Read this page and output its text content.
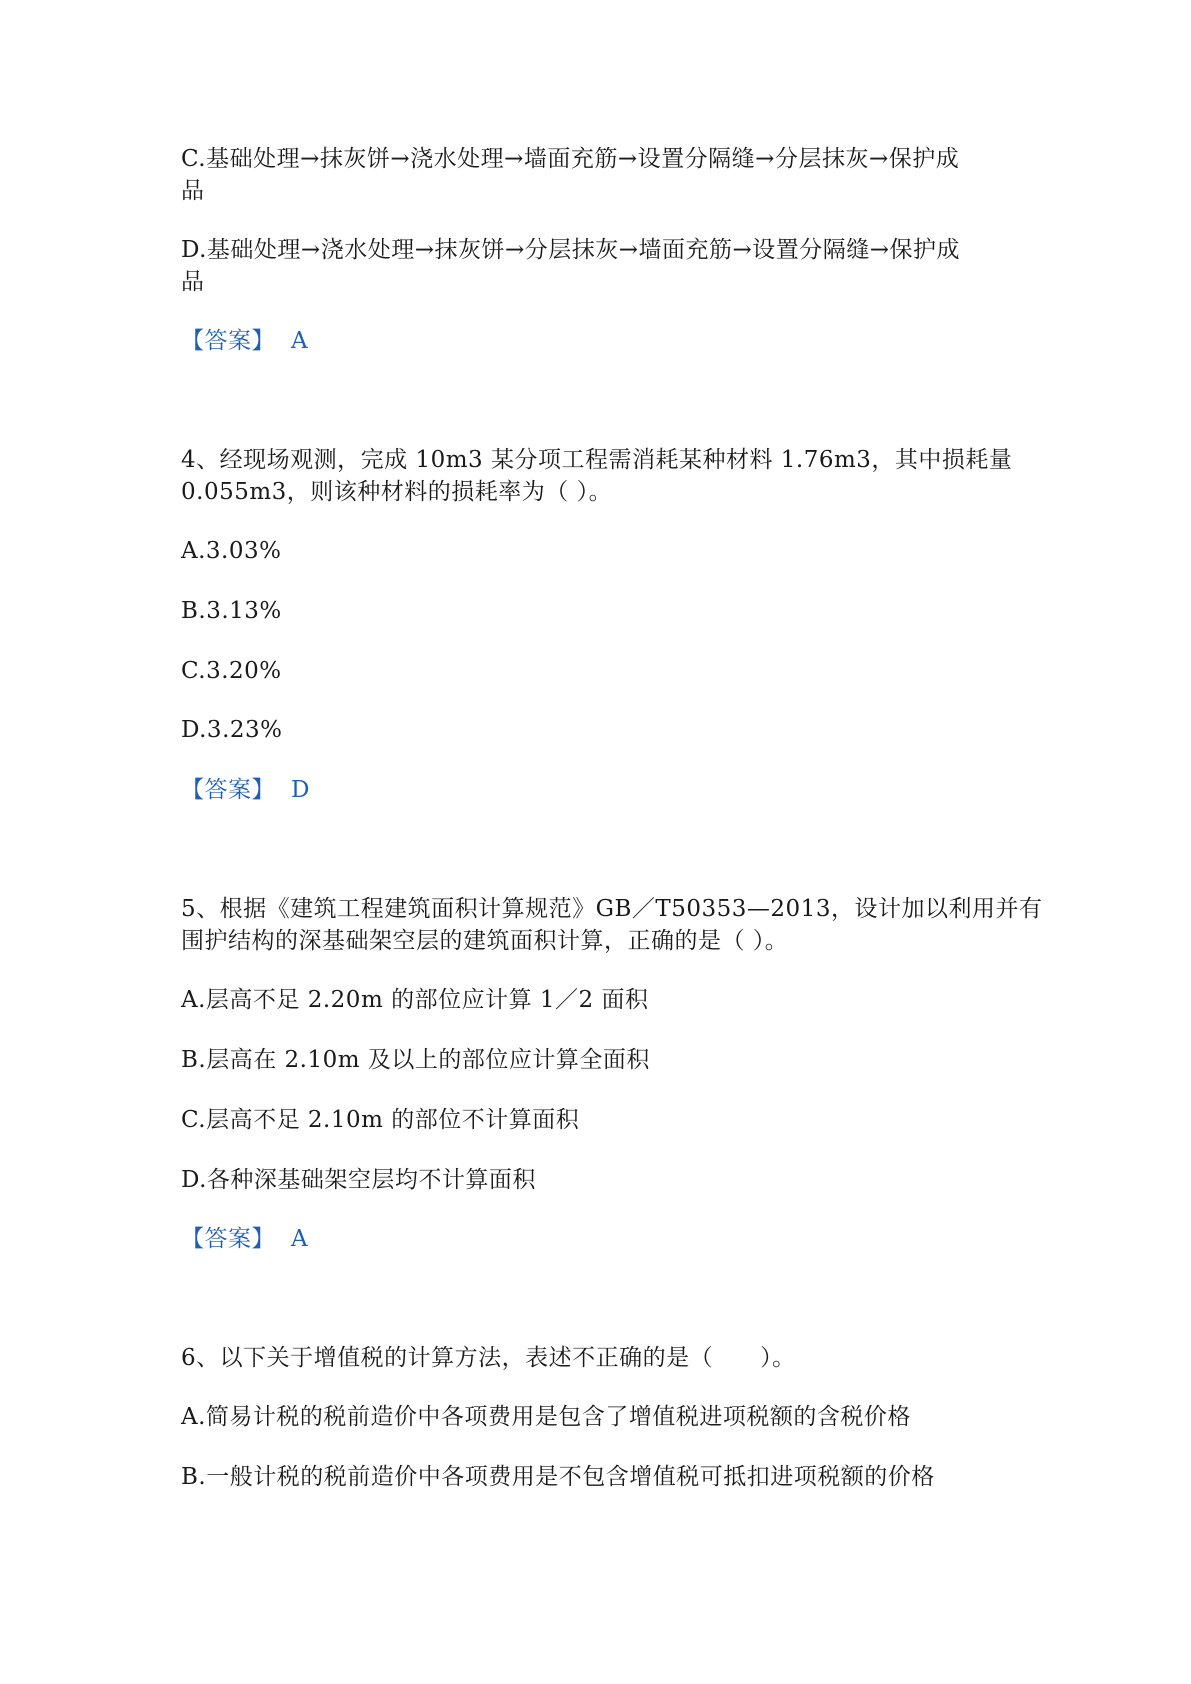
C.基础处理→抹灰饼→浇水处理→墙面充筋→设置分隔缝→分层抹灰→保护成
品
D.基础处理→浇水处理→抹灰饼→分层抹灰→墙面充筋→设置分隔缝→保护成
品
【答案】 A
4、经现场观测，完成 10m3 某分项工程需消耗某种材料 1.76m3，其中损耗量
0.055m3，则该种材料的损耗率为（ ）。
A.3.03%
B.3.13%
C.3.20%
D.3.23%
【答案】 D
5、根据《建筑工程建筑面积计算规范》GB／T50353—2013，设计加以利用并有
围护结构的深基础架空层的建筑面积计算，正确的是（ ）。
A.层高不足 2.20m 的部位应计算 1／2 面积
B.层高在 2.10m 及以上的部位应计算全面积
C.层高不足 2.10m 的部位不计算面积
D.各种深基础架空层均不计算面积
【答案】 A
6、以下关于增值税的计算方法，表述不正确的是（　　）。
A.简易计税的税前造价中各项费用是包含了增值税进项税额的含税价格
B.一般计税的税前造价中各项费用是不包含增值税可抵扣进项税额的价格
